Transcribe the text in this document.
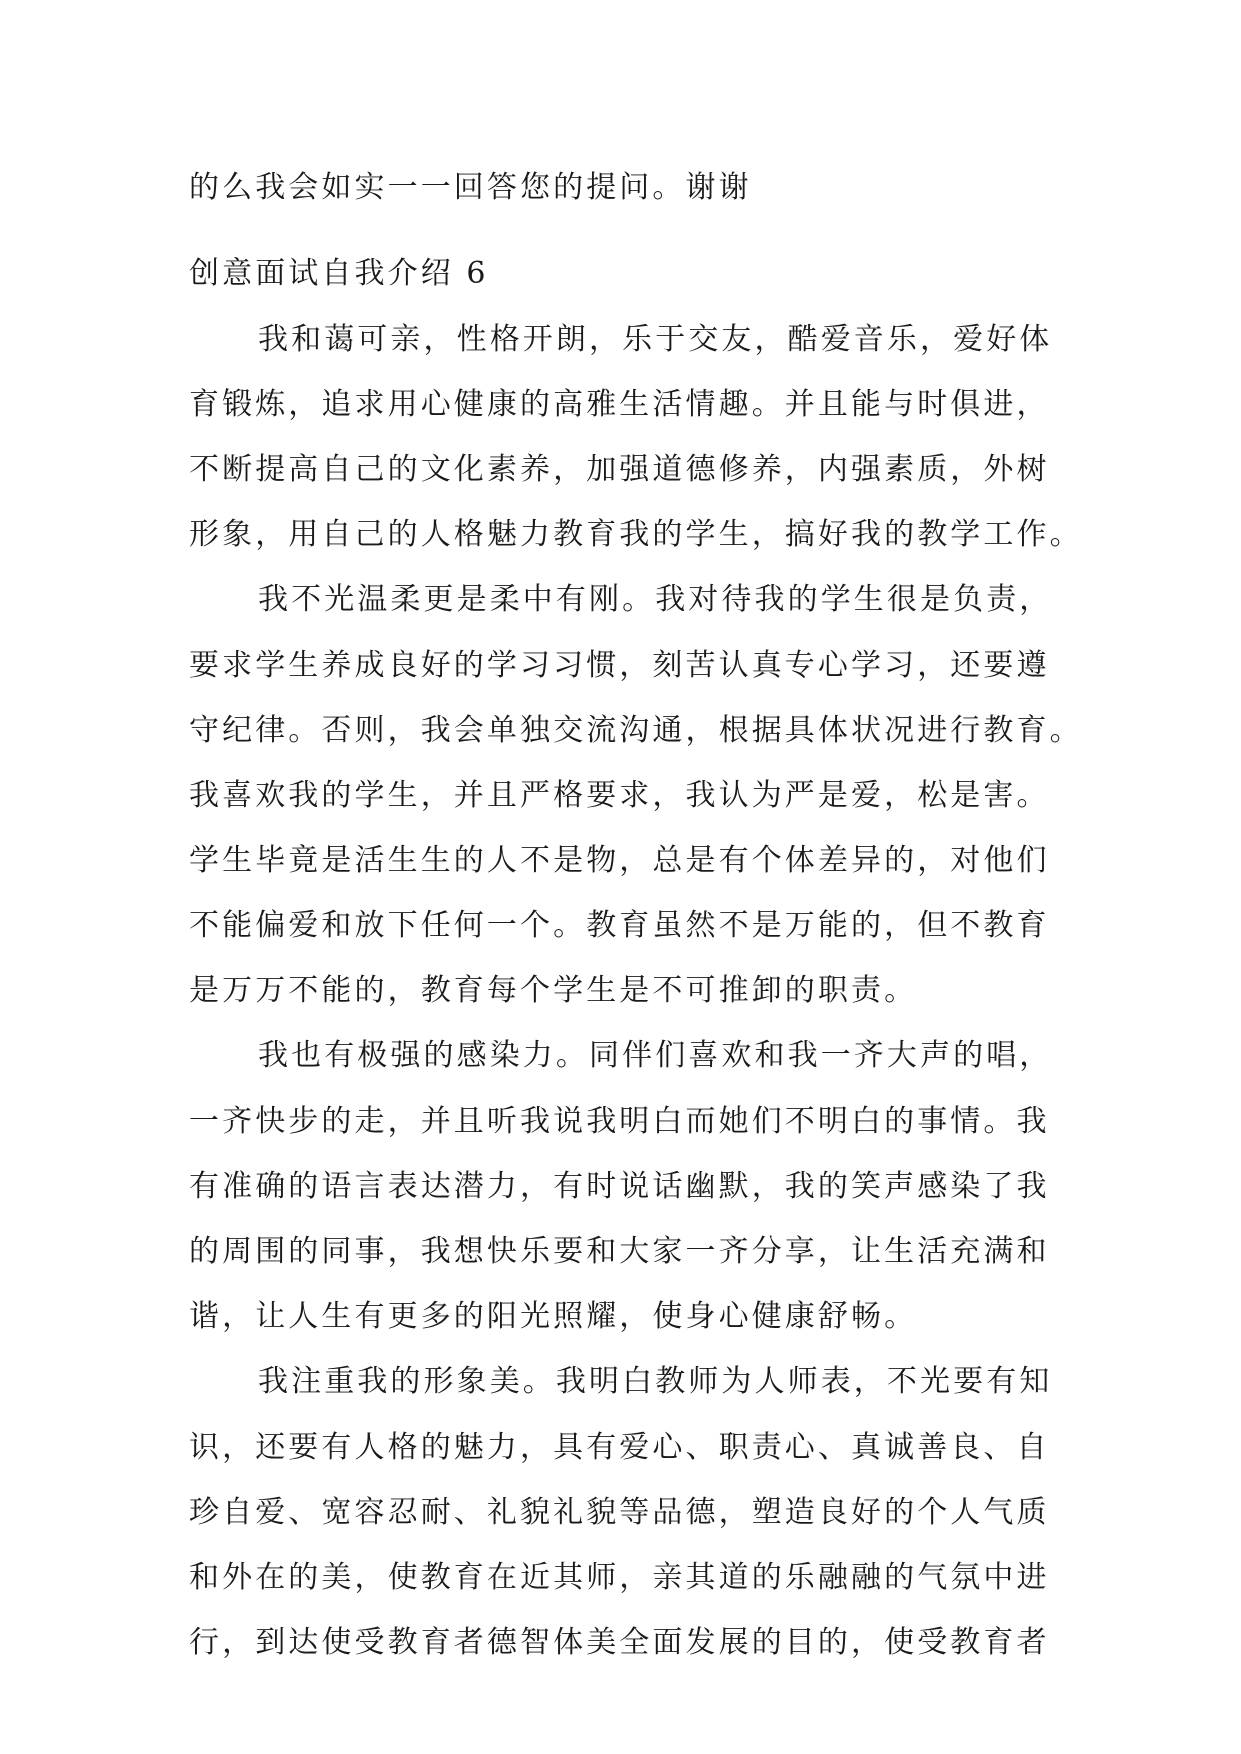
的么我会如实一一回答您的提问。谢谢
创意面试自我介绍 6
我和蔼可亲，性格开朗，乐于交友，酷爱音乐，爱好体
育锻炼，追求用心健康的高雅生活情趣。并且能与时俱进，
不断提高自己的文化素养，加强道德修养，内强素质，外树
形象，用自己的人格魅力教育我的学生，搞好我的教学工作。
我不光温柔更是柔中有刚。我对待我的学生很是负责，
要求学生养成良好的学习习惯，刻苦认真专心学习，还要遵
守纪律。否则，我会单独交流沟通，根据具体状况进行教育。
我喜欢我的学生，并且严格要求，我认为严是爱，松是害。
学生毕竟是活生生的人不是物，总是有个体差异的，对他们
不能偏爱和放下任何一个。教育虽然不是万能的，但不教育
是万万不能的，教育每个学生是不可推卸的职责。
我也有极强的感染力。同伴们喜欢和我一齐大声的唱，
一齐快步的走，并且听我说我明白而她们不明白的事情。我
有准确的语言表达潜力，有时说话幽默，我的笑声感染了我
的周围的同事，我想快乐要和大家一齐分享，让生活充满和
谐，让人生有更多的阳光照耀，使身心健康舒畅。
我注重我的形象美。我明白教师为人师表，不光要有知
识，还要有人格的魅力，具有爱心、职责心、真诚善良、自
珍自爱、宽容忍耐、礼貌礼貌等品德，塑造良好的个人气质
和外在的美，使教育在近其师，亲其道的乐融融的气氛中进
行，到达使受教育者德智体美全面发展的目的，使受教育者
